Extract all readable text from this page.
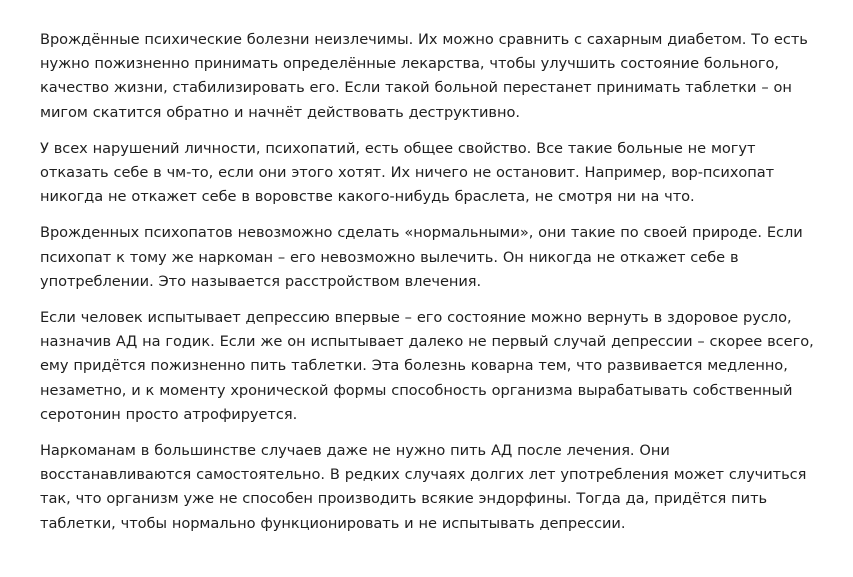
Врождённые психические болезни неизлечимы. Их можно сравнить с сахарным диабетом. То есть
нужно пожизненно принимать определённые лекарства, чтобы улучшить состояние больного,
качество жизни, стабилизировать его. Если такой больной перестанет принимать таблетки – он
мигом скатится обратно и начнёт действовать деструктивно.

У всех нарушений личности, психопатий, есть общее свойство. Все такие больные не могут
отказать себе в чм-то, если они этого хотят. Их ничего не остановит. Например, вор-психопат
никогда не откажет себе в воровстве какого-нибудь браслета, не смотря ни на что.

Врожденных психопатов невозможно сделать «нормальными», они такие по своей природе. Если
психопат к тому же наркоман – его невозможно вылечить. Он никогда не откажет себе в
употреблении. Это называется расстройством влечения.

Если человек испытывает депрессию впервые – его состояние можно вернуть в здоровое русло,
назначив АД на годик. Если же он испытывает далеко не первый случай депрессии – скорее всего,
ему придётся пожизненно пить таблетки. Эта болезнь коварна тем, что развивается медленно,
незаметно, и к моменту хронической формы способность организма вырабатывать собственный
серотонин просто атрофируется.

Наркоманам в большинстве случаев даже не нужно пить АД после лечения. Они
восстанавливаются самостоятельно. В редких случаях долгих лет употребления может случиться
так, что организм уже не способен производить всякие эндорфины. Тогда да, придётся пить
таблетки, чтобы нормально функционировать и не испытывать депрессии.
